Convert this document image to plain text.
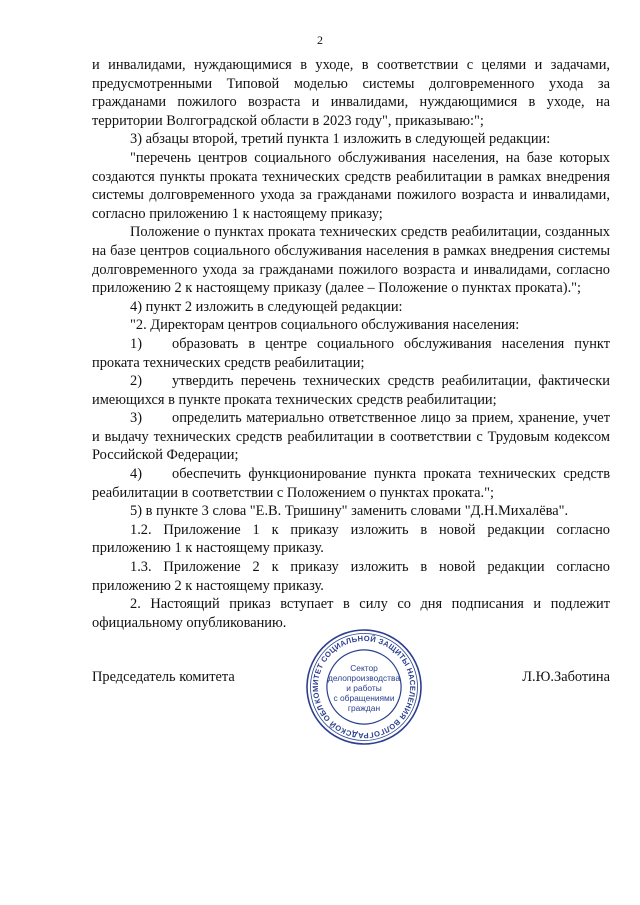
2

и инвалидами, нуждающимися в уходе, в соответствии с целями и задачами, предусмотренными Типовой моделью системы долговременного ухода за гражданами пожилого возраста и инвалидами, нуждающимися в уходе, на территории Волгоградской области в 2023 году", приказываю:";

3) абзацы второй, третий пункта 1 изложить в следующей редакции:

"перечень центров социального обслуживания населения, на базе которых создаются пункты проката технических средств реабилитации в рамках внедрения системы долговременного ухода за гражданами пожилого возраста и инвалидами, согласно приложению 1 к настоящему приказу;

Положение о пунктах проката технических средств реабилитации, созданных на базе центров социального обслуживания населения в рамках внедрения системы долговременного ухода за гражданами пожилого возраста и инвалидами, согласно приложению 2 к настоящему приказу (далее – Положение о пунктах проката).";

4) пункт 2 изложить в следующей редакции:

"2. Директорам центров социального обслуживания населения:

1) образовать в центре социального обслуживания населения пункт проката технических средств реабилитации;

2) утвердить перечень технических средств реабилитации, фактически имеющихся в пункте проката технических средств реабилитации;

3) определить материально ответственное лицо за прием, хранение, учет и выдачу технических средств реабилитации в соответствии с Трудовым кодексом Российской Федерации;

4) обеспечить функционирование пункта проката технических средств реабилитации в соответствии с Положением о пунктах проката.";

5) в пункте 3 слова "Е.В. Тришину" заменить словами "Д.Н.Михалёва".

1.2. Приложение 1 к приказу изложить в новой редакции согласно приложению 1 к настоящему приказу.

1.3. Приложение 2 к приказу изложить в новой редакции согласно приложению 2 к настоящему приказу.

2. Настоящий приказ вступает в силу со дня подписания и подлежит официальному опубликованию.

Председатель комитета	Л.Ю.Заботина
КОМИТЕТ СОЦИАЛЬНОЙ ЗАЩИТЫ НАСЕЛЕНИЯ ВОЛГОГРАДСКОЙ ОБЛАСТИ
Сектор
делопроизводства
и работы
с обращениями
граждан
